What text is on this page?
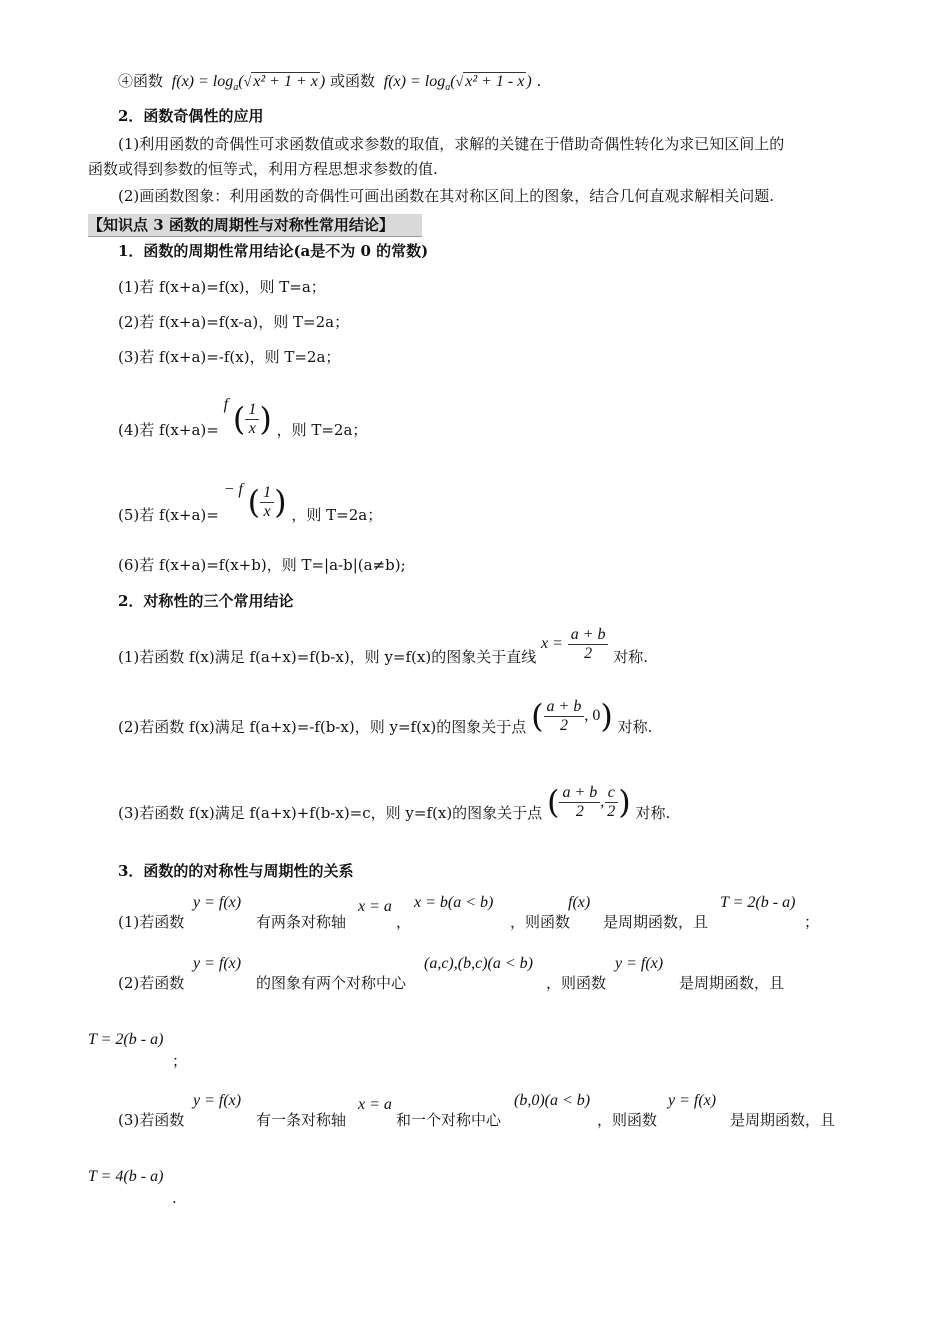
④函数 $f(x) = \log_a(√$ x² + 1 + x ) 或函数 $f(x) = \log_a(√$ x² + 1 - x ) .
2．函数奇偶性的应用
(1)利用函数的奇偶性可求函数值或求参数的取值，求解的关键在于借助奇偶性转化为求已知区间上的
函数或得到参数的恒等式，利用方程思想求参数的值.
(2)画函数图象：利用函数的奇偶性可画出函数在其对称区间上的图象，结合几何直观求解相关问题.
【知识点 3 函数的周期性与对称性常用结论】
1．函数的周期性常用结论(a是不为 0 的常数)
(1)若 f(x+a)=f(x)，则 T=a；
(2)若 f(x+a)=f(x-a)，则 T=2a；
(3)若 f(x+a)=-f(x)，则 T=2a；
(4)若 f(x+a)= f ( $\frac{1}{x}$ ) ，则 T=2a；
(5)若 f(x+a)= − f ( $\frac{1}{x}$ ) ，则 T=2a；
(6)若 f(x+a)=f(x+b)，则 T=|a-b|(a≠b);
2．对称性的三个常用结论
(1)若函数 f(x)满足 f(a+x)=f(b-x)，则 y=f(x)的图象关于直线 $x = \frac{a + b}{2}$ 对称.
(2)若函数 f(x)满足 f(a+x)=-f(b-x)，则 y=f(x)的图象关于点 ( $\frac{a + b}{2}$ , 0) 对称.
(3)若函数 f(x)满足 f(a+x)+f(b-x)=c，则 y=f(x)的图象关于点 ( $\frac{a + b}{2}$ , $\frac{c}{2}$ ) 对称.
3．函数的的对称性与周期性的关系
(1)若函数
y = f(x)
有两条对称轴
x = a
，
x = b(a < b)
，则函数
f(x)
是周期函数，且
T = 2(b - a)
；
(2)若函数
y = f(x)
的图象有两个对称中心
(a,c),(b,c)(a < b)
，则函数
y = f(x)
是周期函数，且
T = 2(b - a)
；
(3)若函数
y = f(x)
有一条对称轴
x = a
和一个对称中心
(b,0)(a < b)
，则函数
y = f(x)
是周期函数，且
T = 4(b - a)
.
